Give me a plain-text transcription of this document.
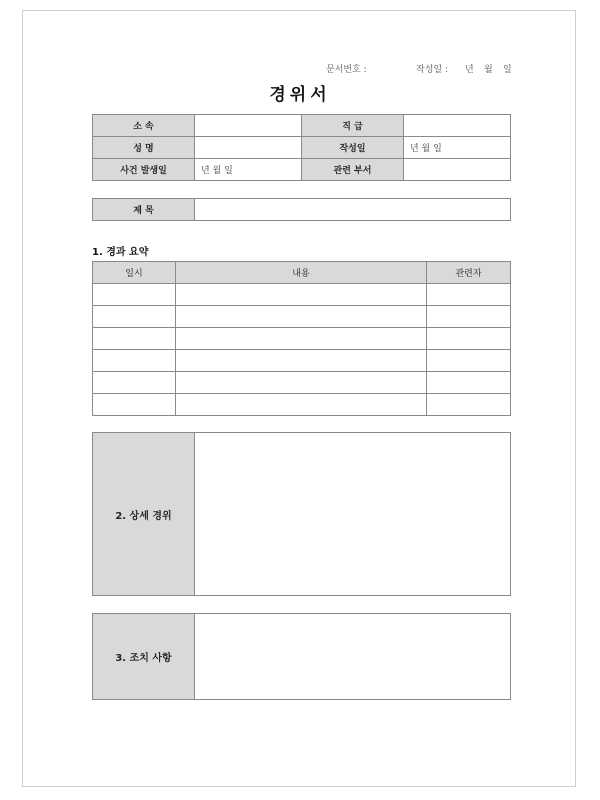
문서번호 :	작성일 : 년 월 일
경위서
소 속		직 급	
성 명		작성일	년 월 일
사건 발생일	년 월 일	관련 부서	
제 목	
1. 경과 요약
일시	내용	관련자

2. 상세 경위	
3. 조치 사항	
